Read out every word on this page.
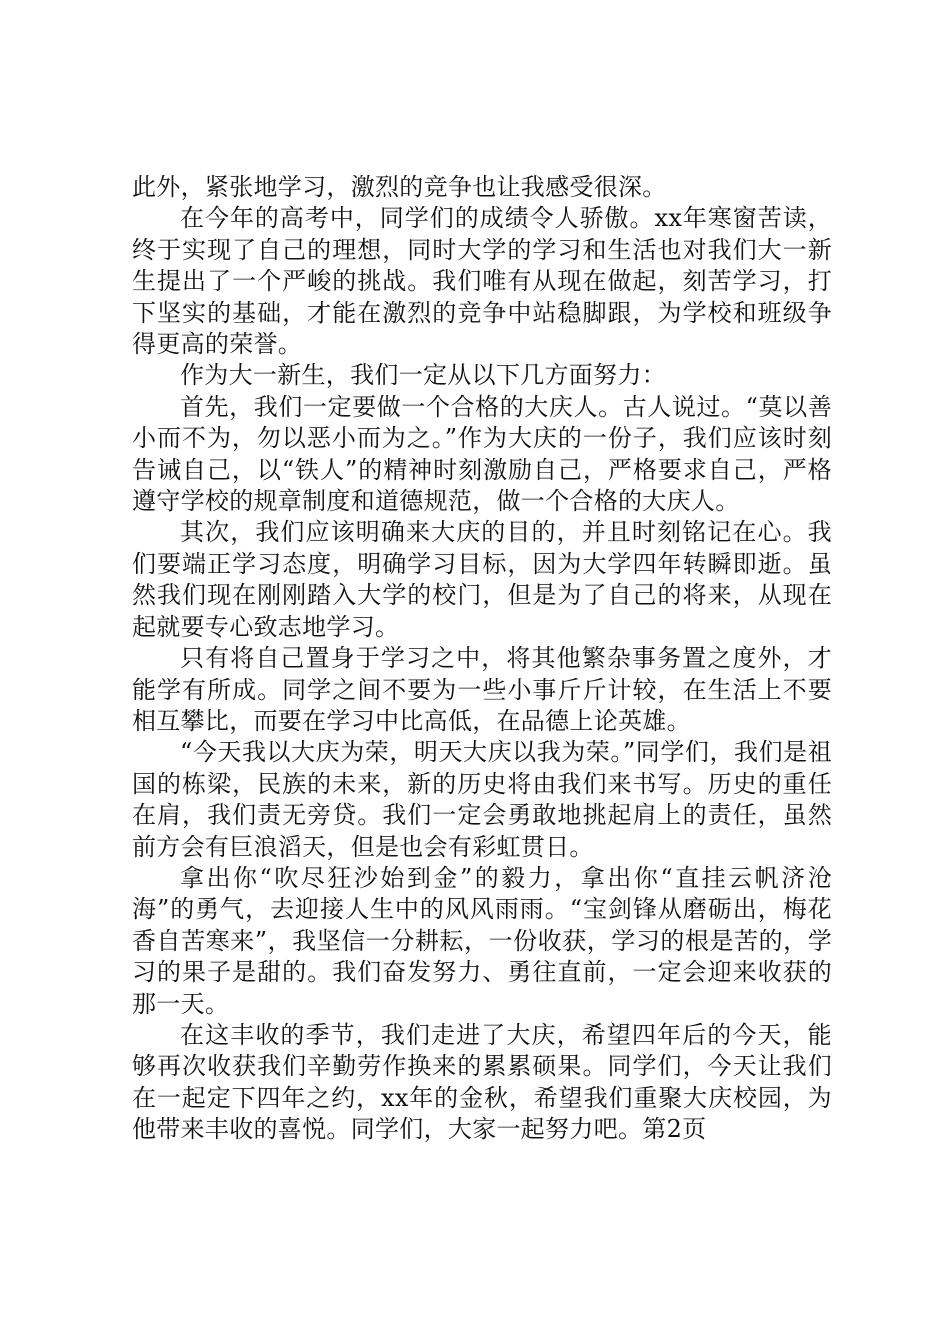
此外，紧张地学习，激烈的竞争也让我感受很深。

在今年的高考中，同学们的成绩令人骄傲。xx年寒窗苦读，终于实现了自己的理想，同时大学的学习和生活也对我们大一新生提出了一个严峻的挑战。我们唯有从现在做起，刻苦学习，打下坚实的基础，才能在激烈的竞争中站稳脚跟，为学校和班级争得更高的荣誉。

作为大一新生，我们一定从以下几方面努力：

首先，我们一定要做一个合格的大庆人。古人说过。“莫以善小而不为，勿以恶小而为之。”作为大庆的一份子，我们应该时刻告诫自己，以“铁人”的精神时刻激励自己，严格要求自己，严格遵守学校的规章制度和道德规范，做一个合格的大庆人。

其次，我们应该明确来大庆的目的，并且时刻铭记在心。我们要端正学习态度，明确学习目标，因为大学四年转瞬即逝。虽然我们现在刚刚踏入大学的校门，但是为了自己的将来，从现在起就要专心致志地学习。

只有将自己置身于学习之中，将其他繁杂事务置之度外，才能学有所成。同学之间不要为一些小事斤斤计较，在生活上不要相互攀比，而要在学习中比高低，在品德上论英雄。

“今天我以大庆为荣，明天大庆以我为荣。”同学们，我们是祖国的栋梁，民族的未来，新的历史将由我们来书写。历史的重任在肩，我们责无旁贷。我们一定会勇敢地挑起肩上的责任，虽然前方会有巨浪滔天，但是也会有彩虹贯日。

拿出你“吹尽狂沙始到金”的毅力，拿出你“直挂云帆济沧海”的勇气，去迎接人生中的风风雨雨。“宝剑锋从磨砺出，梅花香自苦寒来”，我坚信一分耕耘，一份收获，学习的根是苦的，学习的果子是甜的。我们奋发努力、勇往直前，一定会迎来收获的那一天。

在这丰收的季节，我们走进了大庆，希望四年后的今天，能够再次收获我们辛勤劳作换来的累累硕果。同学们，今天让我们在一起定下四年之约，xx年的金秋，希望我们重聚大庆校园，为他带来丰收的喜悦。同学们，大家一起努力吧。第2页
